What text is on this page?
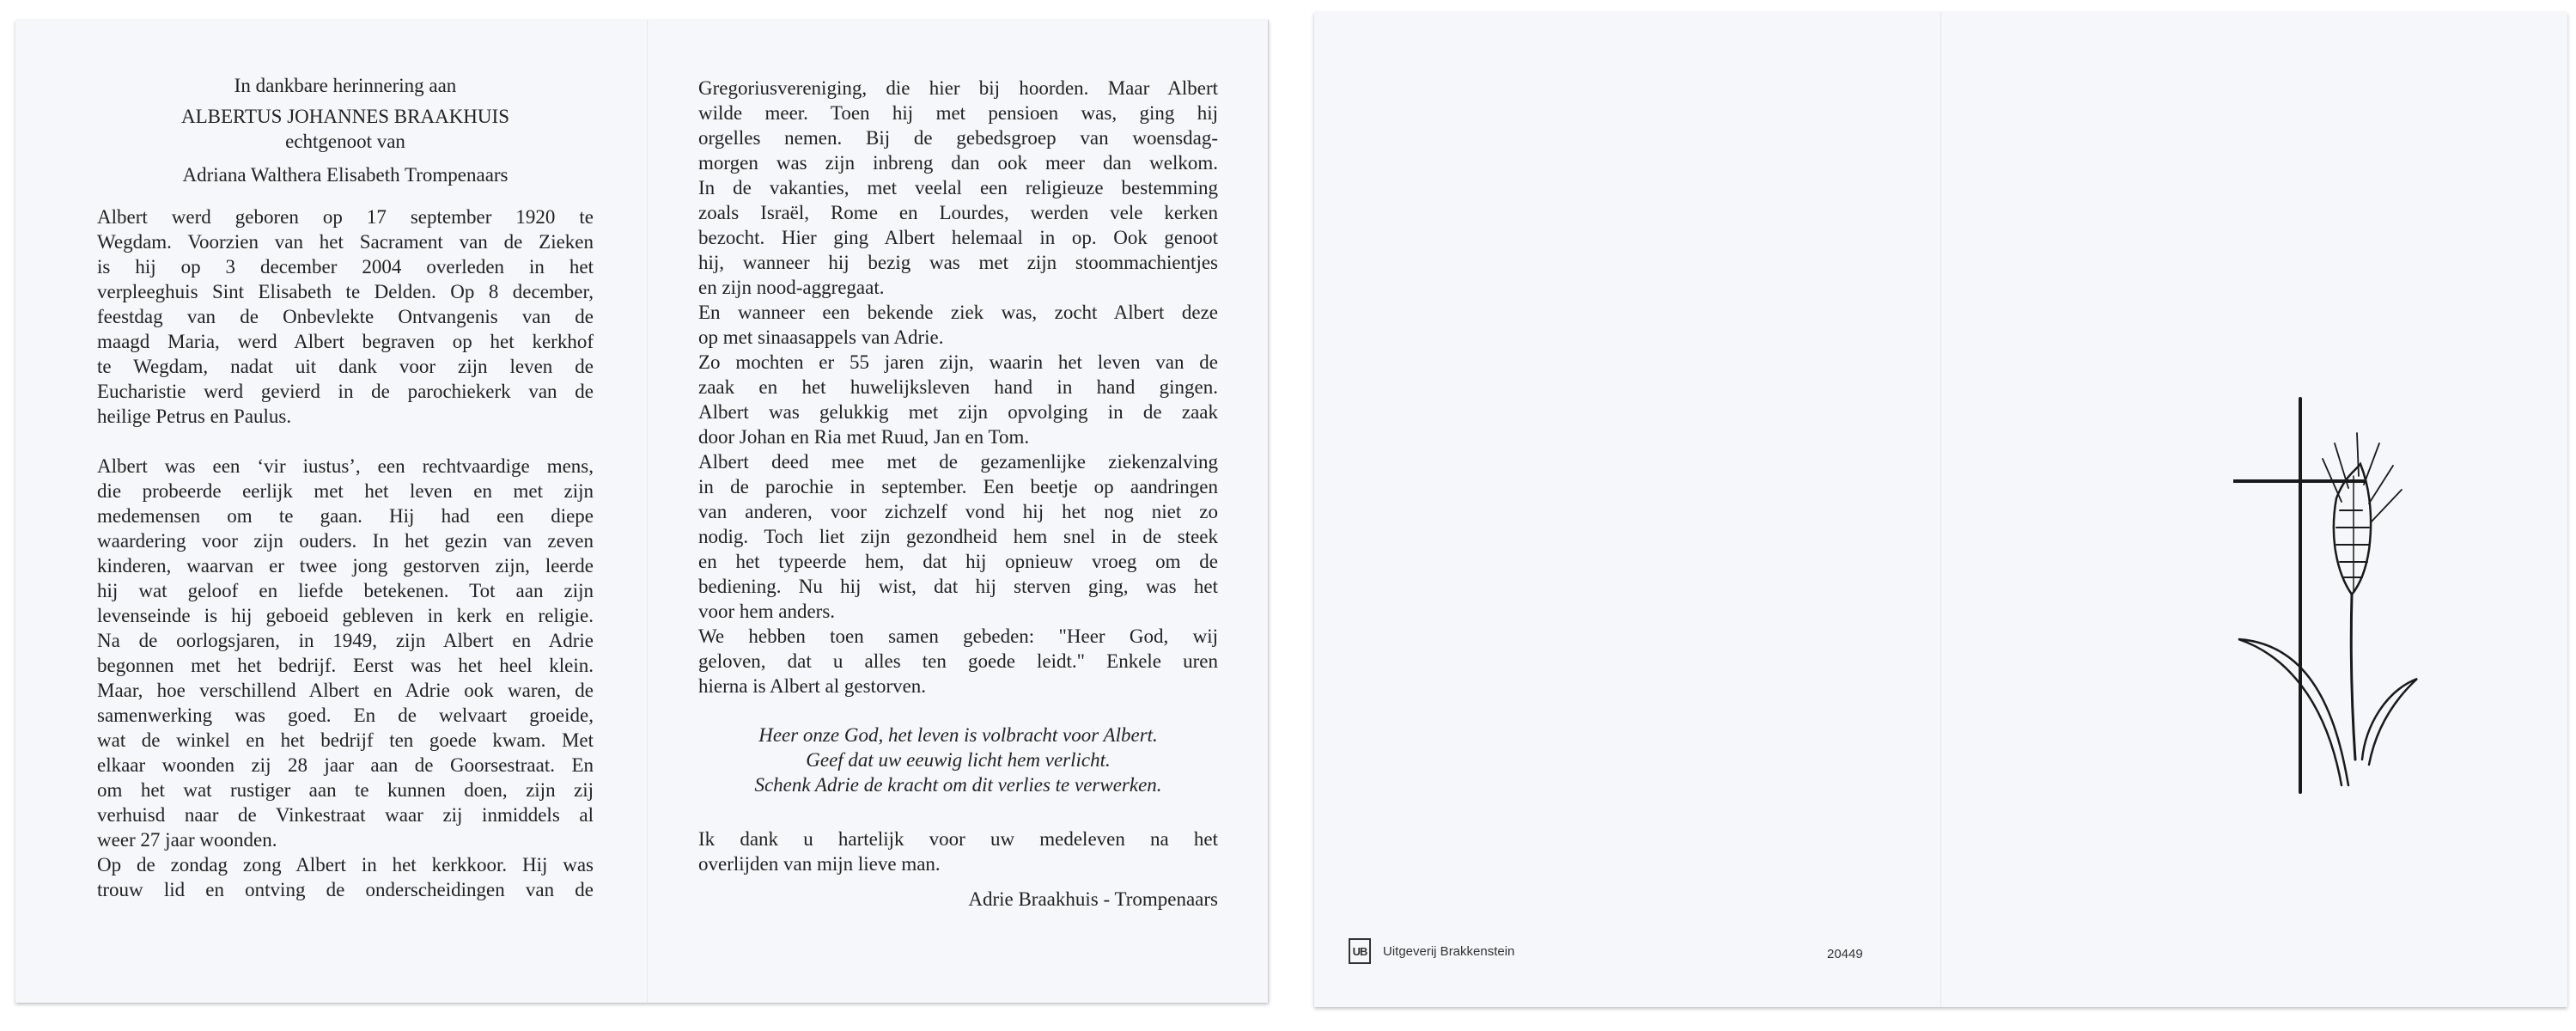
In dankbare herinnering aan

ALBERTUS JOHANNES BRAAKHUIS

echtgenoot van

Adriana Walthera Elisabeth Trompenaars

Albert werd geboren op 17 september 1920 te

Wegdam. Voorzien van het Sacrament van de Zieken

is hij op 3 december 2004 overleden in het

verpleeghuis Sint Elisabeth te Delden. Op 8 december,

feestdag van de Onbevlekte Ontvangenis van de

maagd Maria, werd Albert begraven op het kerkhof

te Wegdam, nadat uit dank voor zijn leven de

Eucharistie werd gevierd in de parochiekerk van de

heilige Petrus en Paulus.

Albert was een ‘vir iustus’, een rechtvaardige mens,

die probeerde eerlijk met het leven en met zijn

medemensen om te gaan. Hij had een diepe

waardering voor zijn ouders. In het gezin van zeven

kinderen, waarvan er twee jong gestorven zijn, leerde

hij wat geloof en liefde betekenen. Tot aan zijn

levenseinde is hij geboeid gebleven in kerk en religie.

Na de oorlogsjaren, in 1949, zijn Albert en Adrie

begonnen met het bedrijf. Eerst was het heel klein.

Maar, hoe verschillend Albert en Adrie ook waren, de

samenwerking was goed. En de welvaart groeide,

wat de winkel en het bedrijf ten goede kwam. Met

elkaar woonden zij 28 jaar aan de Goorsestraat. En

om het wat rustiger aan te kunnen doen, zijn zij

verhuisd naar de Vinkestraat waar zij inmiddels al

weer 27 jaar woonden.

Op de zondag zong Albert in het kerkkoor. Hij was

trouw lid en ontving de onderscheidingen van de

Gregoriusvereniging, die hier bij hoorden. Maar Albert

wilde meer. Toen hij met pensioen was, ging hij

orgelles nemen. Bij de gebedsgroep van woensdag-

morgen was zijn inbreng dan ook meer dan welkom.

In de vakanties, met veelal een religieuze bestemming

zoals Israël, Rome en Lourdes, werden vele kerken

bezocht. Hier ging Albert helemaal in op. Ook genoot

hij, wanneer hij bezig was met zijn stoommachientjes

en zijn nood-aggregaat.

En wanneer een bekende ziek was, zocht Albert deze

op met sinaasappels van Adrie.

Zo mochten er 55 jaren zijn, waarin het leven van de

zaak en het huwelijksleven hand in hand gingen.

Albert was gelukkig met zijn opvolging in de zaak

door Johan en Ria met Ruud, Jan en Tom.

Albert deed mee met de gezamenlijke ziekenzalving

in de parochie in september. Een beetje op aandringen

van anderen, voor zichzelf vond hij het nog niet zo

nodig. Toch liet zijn gezondheid hem snel in de steek

en het typeerde hem, dat hij opnieuw vroeg om de

bediening. Nu hij wist, dat hij sterven ging, was het

voor hem anders.

We hebben toen samen gebeden: "Heer God, wij

geloven, dat u alles ten goede leidt." Enkele uren

hierna is Albert al gestorven.

Heer onze God, het leven is volbracht voor Albert.

Geef dat uw eeuwig licht hem verlicht.

Schenk Adrie de kracht om dit verlies te verwerken.

Ik dank u hartelijk voor uw medeleven na het

overlijden van mijn lieve man.

Adrie Braakhuis - Trompenaars

UB	Uitgeverij Brakkenstein	20449
